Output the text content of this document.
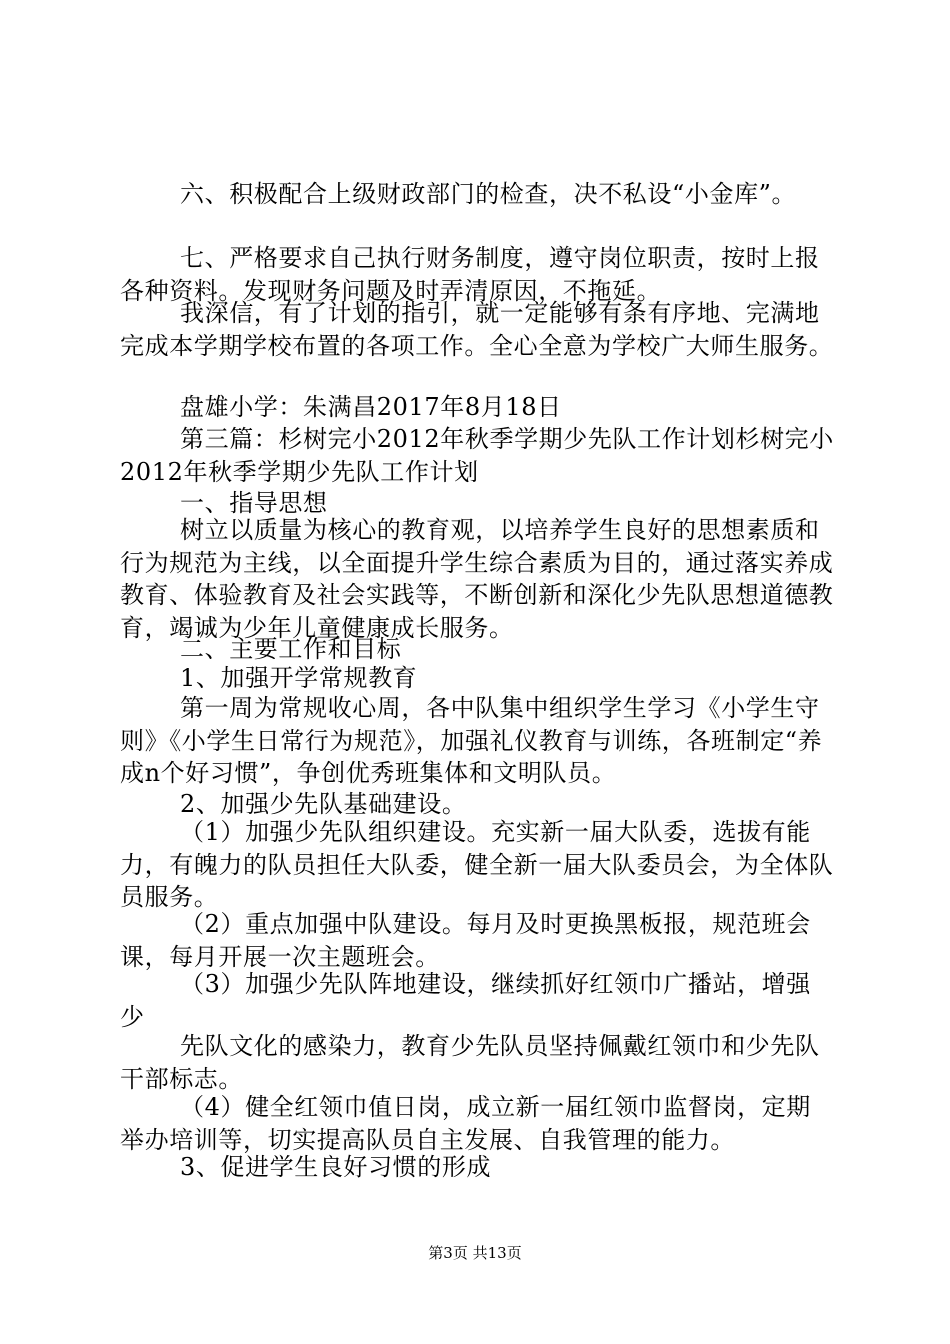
六、积极配合上级财政部门的检查，决不私设“小金库”。

七、严格要求自己执行财务制度，遵守岗位职责，按时上报各种资料。发现财务问题及时弄清原因，不拖延。

我深信，有了计划的指引，就一定能够有条有序地、完满地完成本学期学校布置的各项工作。全心全意为学校广大师生服务。

盘雄小学：朱满昌2017年8月18日

第三篇：杉树完小2012年秋季学期少先队工作计划杉树完小2012年秋季学期少先队工作计划

一、指导思想

树立以质量为核心的教育观，以培养学生良好的思想素质和行为规范为主线，以全面提升学生综合素质为目的，通过落实养成教育、体验教育及社会实践等，不断创新和深化少先队思想道德教育，竭诚为少年儿童健康成长服务。

二、主要工作和目标

1、加强开学常规教育

第一周为常规收心周，各中队集中组织学生学习《小学生守则》《小学生日常行为规范》，加强礼仪教育与训练，各班制定“养成n个好习惯”，争创优秀班集体和文明队员。

2、加强少先队基础建设。

（1）加强少先队组织建设。充实新一届大队委，选拔有能力，有魄力的队员担任大队委，健全新一届大队委员会，为全体队员服务。

（2）重点加强中队建设。每月及时更换黑板报，规范班会课，每月开展一次主题班会。

（3）加强少先队阵地建设，继续抓好红领巾广播站，增强少

先队文化的感染力，教育少先队员坚持佩戴红领巾和少先队干部标志。

（4）健全红领巾值日岗，成立新一届红领巾监督岗，定期举办培训等，切实提高队员自主发展、自我管理的能力。

3、促进学生良好习惯的形成

第3页 共13页
